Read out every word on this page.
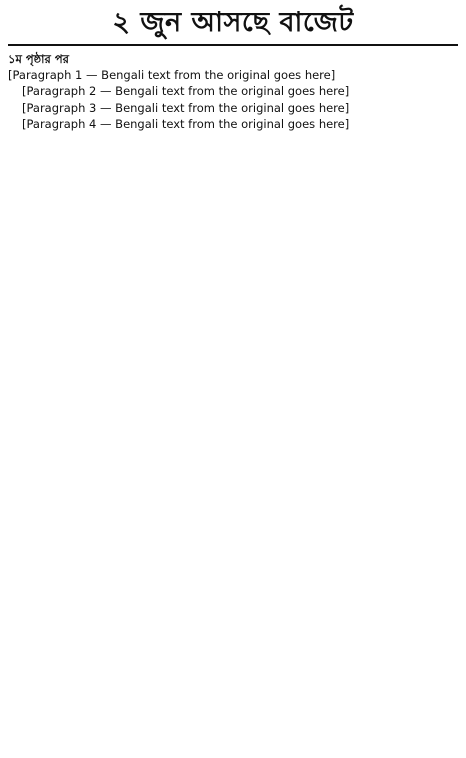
২ জুন আসছে বাজেট
১ম পৃষ্ঠার পর

[Paragraph 1 — Bengali text from the original goes here]

[Paragraph 2 — Bengali text from the original goes here]

[Paragraph 3 — Bengali text from the original goes here]

[Paragraph 4 — Bengali text from the original goes here]
